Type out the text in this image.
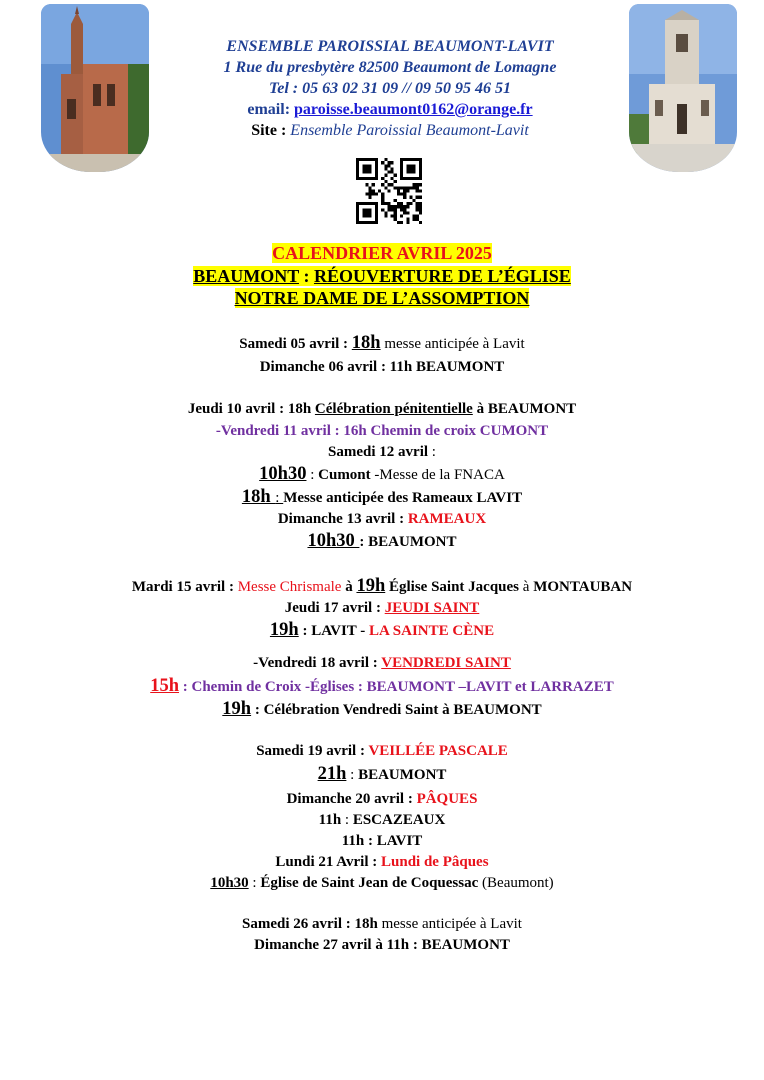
ENSEMBLE PAROISSIAL BEAUMONT-LAVIT
1 Rue du presbytère 82500 Beaumont de Lomagne
Tel : 05 63 02 31 09 // 09 50 95 46 51
email: paroisse.beaumont0162@orange.fr
Site : Ensemble Paroissial Beaumont-Lavit
CALENDRIER AVRIL 2025
BEAUMONT : RÉOUVERTURE DE L’ÉGLISE
NOTRE DAME DE L’ASSOMPTION
Samedi 05 avril : 18h messe anticipée à Lavit
Dimanche 06 avril : 11h BEAUMONT
Jeudi 10 avril : 18h Célébration pénitentielle à BEAUMONT
-Vendredi 11 avril : 16h Chemin de croix CUMONT
Samedi 12 avril :
10h30 : Cumont -Messe de la FNACA
18h : Messe anticipée des Rameaux LAVIT
Dimanche 13 avril : RAMEAUX
10h30 : BEAUMONT
Mardi 15 avril : Messe Chrismale à 19h Église Saint Jacques à MONTAUBAN
Jeudi 17 avril : JEUDI SAINT
19h : LAVIT - LA SAINTE CÈNE
-Vendredi 18 avril : VENDREDI SAINT
15h : Chemin de Croix -Églises : BEAUMONT –LAVIT et LARRAZET
19h : Célébration Vendredi Saint à BEAUMONT
Samedi 19 avril : VEILLÉE PASCALE
21h : BEAUMONT
Dimanche 20 avril : PÂQUES
11h : ESCAZEAUX
11h : LAVIT
Lundi 21 Avril : Lundi de Pâques
10h30 : Église de Saint Jean de Coquessac (Beaumont)
Samedi 26 avril : 18h messe anticipée à Lavit
Dimanche 27 avril à 11h : BEAUMONT
